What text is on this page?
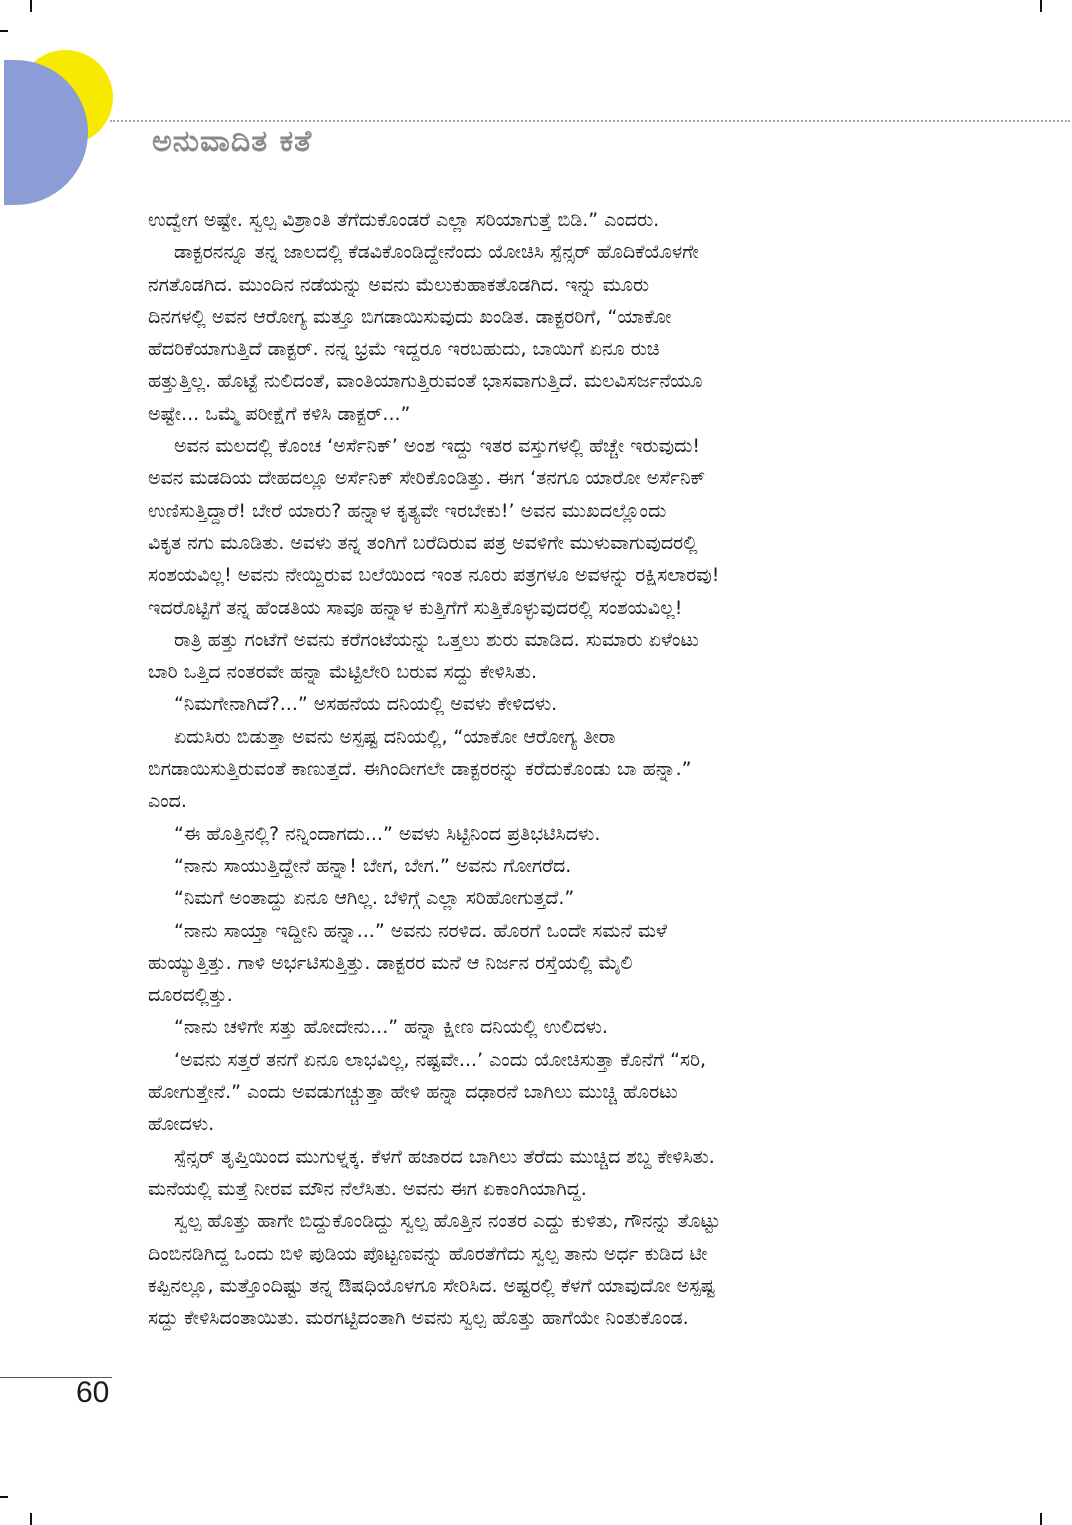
ಅನುವಾದಿತ ಕತೆ

ಉದ್ವೇಗ ಅಷ್ಟೇ. ಸ್ವಲ್ಪ ವಿಶ್ರಾಂತಿ ತೆಗೆದುಕೊಂಡರೆ ಎಲ್ಲಾ ಸರಿಯಾಗುತ್ತೆ ಬಿಡಿ.” ಎಂದರು.

ಡಾಕ್ಟರನನ್ನೂ ತನ್ನ ಜಾಲದಲ್ಲಿ ಕೆಡವಿಕೊಂಡಿದ್ದೇನೆಂದು ಯೋಚಿಸಿ ಸ್ಪೆನ್ಸರ್ ಹೊದಿಕೆಯೊಳಗೇ
ನಗತೊಡಗಿದ. ಮುಂದಿನ ನಡೆಯನ್ನು ಅವನು ಮೆಲುಕುಹಾಕತೊಡಗಿದ. ಇನ್ನು ಮೂರು
ದಿನಗಳಲ್ಲಿ ಅವನ ಆರೋಗ್ಯ ಮತ್ತೂ ಬಿಗಡಾಯಿಸುವುದು ಖಂಡಿತ. ಡಾಕ್ಟರರಿಗೆ, “ಯಾಕೋ
ಹೆದರಿಕೆಯಾಗುತ್ತಿದೆ ಡಾಕ್ಟರ್. ನನ್ನ ಭ್ರಮೆ ಇದ್ದರೂ ಇರಬಹುದು, ಬಾಯಿಗೆ ಏನೂ ರುಚಿ
ಹತ್ತುತ್ತಿಲ್ಲ. ಹೊಟ್ಟೆ ನುಲಿದಂತೆ, ವಾಂತಿಯಾಗುತ್ತಿರುವಂತೆ ಭಾಸವಾಗುತ್ತಿದೆ. ಮಲವಿಸರ್ಜನೆಯೂ
ಅಷ್ಟೇ... ಒಮ್ಮೆ ಪರೀಕ್ಷೆಗೆ ಕಳಿಸಿ ಡಾಕ್ಟರ್...”

ಅವನ ಮಲದಲ್ಲಿ ಕೊಂಚ ‘ಅರ್ಸೆನಿಕ್’ ಅಂಶ ಇದ್ದು ಇತರ ವಸ್ತುಗಳಲ್ಲಿ ಹೆಚ್ಚೇ ಇರುವುದು!
ಅವನ ಮಡದಿಯ ದೇಹದಲ್ಲೂ ಅರ್ಸೆನಿಕ್ ಸೇರಿಕೊಂಡಿತ್ತು. ಈಗ ‘ತನಗೂ ಯಾರೋ ಅರ್ಸೆನಿಕ್
ಉಣಿಸುತ್ತಿದ್ದಾರೆ! ಬೇರೆ ಯಾರು? ಹನ್ನಾಳ ಕೃತ್ಯವೇ ಇರಬೇಕು!’ ಅವನ ಮುಖದಲ್ಲೊಂದು
ವಿಕೃತ ನಗು ಮೂಡಿತು. ಅವಳು ತನ್ನ ತಂಗಿಗೆ ಬರೆದಿರುವ ಪತ್ರ ಅವಳಿಗೇ ಮುಳುವಾಗುವುದರಲ್ಲಿ
ಸಂಶಯವಿಲ್ಲ! ಅವನು ನೇಯ್ದಿರುವ ಬಲೆಯಿಂದ ಇಂತ ನೂರು ಪತ್ರಗಳೂ ಅವಳನ್ನು ರಕ್ಷಿಸಲಾರವು!
ಇದರೊಟ್ಟಿಗೆ ತನ್ನ ಹೆಂಡತಿಯ ಸಾವೂ ಹನ್ನಾಳ ಕುತ್ತಿಗೆಗೆ ಸುತ್ತಿಕೊಳ್ಳುವುದರಲ್ಲಿ ಸಂಶಯವಿಲ್ಲ!

ರಾತ್ರಿ ಹತ್ತು ಗಂಟೆಗೆ ಅವನು ಕರೆಗಂಟೆಯನ್ನು ಒತ್ತಲು ಶುರು ಮಾಡಿದ. ಸುಮಾರು ಏಳೆಂಟು
ಬಾರಿ ಒತ್ತಿದ ನಂತರವೇ ಹನ್ನಾ ಮೆಟ್ಟಿಲೇರಿ ಬರುವ ಸದ್ದು ಕೇಳಿಸಿತು.

“ನಿಮಗೇನಾಗಿದೆ?...” ಅಸಹನೆಯ ದನಿಯಲ್ಲಿ ಅವಳು ಕೇಳಿದಳು.

ಏದುಸಿರು ಬಿಡುತ್ತಾ ಅವನು ಅಸ್ಪಷ್ಟ ದನಿಯಲ್ಲಿ, “ಯಾಕೋ ಆರೋಗ್ಯ ತೀರಾ
ಬಿಗಡಾಯಿಸುತ್ತಿರುವಂತೆ ಕಾಣುತ್ತದೆ. ಈಗಿಂದೀಗಲೇ ಡಾಕ್ಟರರನ್ನು ಕರೆದುಕೊಂಡು ಬಾ ಹನ್ನಾ.”
ಎಂದ.

“ಈ ಹೊತ್ತಿನಲ್ಲಿ? ನನ್ನಿಂದಾಗದು...” ಅವಳು ಸಿಟ್ಟಿನಿಂದ ಪ್ರತಿಭಟಿಸಿದಳು.

“ನಾನು ಸಾಯುತ್ತಿದ್ದೇನೆ ಹನ್ನಾ! ಬೇಗ, ಬೇಗ.” ಅವನು ಗೋಗರೆದ.

“ನಿಮಗೆ ಅಂತಾದ್ದು ಏನೂ ಆಗಿಲ್ಲ. ಬೆಳಿಗ್ಗೆ ಎಲ್ಲಾ ಸರಿಹೋಗುತ್ತದೆ.”

“ನಾನು ಸಾಯ್ತಾ ಇದ್ದೀನಿ ಹನ್ನಾ...” ಅವನು ನರಳಿದ. ಹೊರಗೆ ಒಂದೇ ಸಮನೆ ಮಳೆ
ಹುಯ್ಯುತ್ತಿತ್ತು. ಗಾಳಿ ಅರ್ಭಟಿಸುತ್ತಿತ್ತು. ಡಾಕ್ಟರರ ಮನೆ ಆ ನಿರ್ಜನ ರಸ್ತೆಯಲ್ಲಿ ಮೈಲಿ
ದೂರದಲ್ಲಿತ್ತು.

“ನಾನು ಚಳಿಗೇ ಸತ್ತು ಹೋದೇನು...” ಹನ್ನಾ ಕ್ಷೀಣ ದನಿಯಲ್ಲಿ ಉಲಿದಳು.

‘ಅವನು ಸತ್ತರೆ ತನಗೆ ಏನೂ ಲಾಭವಿಲ್ಲ, ನಷ್ಟವೇ...’ ಎಂದು ಯೋಚಿಸುತ್ತಾ ಕೊನೆಗೆ “ಸರಿ,
ಹೋಗುತ್ತೇನೆ.” ಎಂದು ಅವಡುಗಚ್ಚುತ್ತಾ ಹೇಳಿ ಹನ್ನಾ ದಢಾರನೆ ಬಾಗಿಲು ಮುಚ್ಚಿ ಹೊರಟು
ಹೋದಳು.

ಸ್ಪೆನ್ಸರ್ ತೃಪ್ತಿಯಿಂದ ಮುಗುಳ್ನಕ್ಕ. ಕೆಳಗೆ ಹಜಾರದ ಬಾಗಿಲು ತೆರೆದು ಮುಚ್ಚಿದ ಶಬ್ದ ಕೇಳಿಸಿತು.
ಮನೆಯಲ್ಲಿ ಮತ್ತೆ ನೀರವ ಮೌನ ನೆಲೆಸಿತು. ಅವನು ಈಗ ಏಕಾಂಗಿಯಾಗಿದ್ದ.

ಸ್ವಲ್ಪ ಹೊತ್ತು ಹಾಗೇ ಬಿದ್ದುಕೊಂಡಿದ್ದು ಸ್ವಲ್ಪ ಹೊತ್ತಿನ ನಂತರ ಎದ್ದು ಕುಳಿತು, ಗೌನನ್ನು ತೊಟ್ಟು
ದಿಂಬಿನಡಿಗಿದ್ದ ಒಂದು ಬಿಳಿ ಪುಡಿಯ ಪೊಟ್ಟಣವನ್ನು ಹೊರತೆಗೆದು ಸ್ವಲ್ಪ ತಾನು ಅರ್ಧ ಕುಡಿದ ಟೀ
ಕಪ್ಪಿನಲ್ಲೂ, ಮತ್ತೊಂದಿಷ್ಟು ತನ್ನ ಔಷಧಿಯೊಳಗೂ ಸೇರಿಸಿದ. ಅಷ್ಟರಲ್ಲಿ ಕೆಳಗೆ ಯಾವುದೋ ಅಸ್ಪಷ್ಟ
ಸದ್ದು ಕೇಳಿಸಿದಂತಾಯಿತು. ಮರಗಟ್ಟಿದಂತಾಗಿ ಅವನು ಸ್ವಲ್ಪ ಹೊತ್ತು ಹಾಗೆಯೇ ನಿಂತುಕೊಂಡ.

60
